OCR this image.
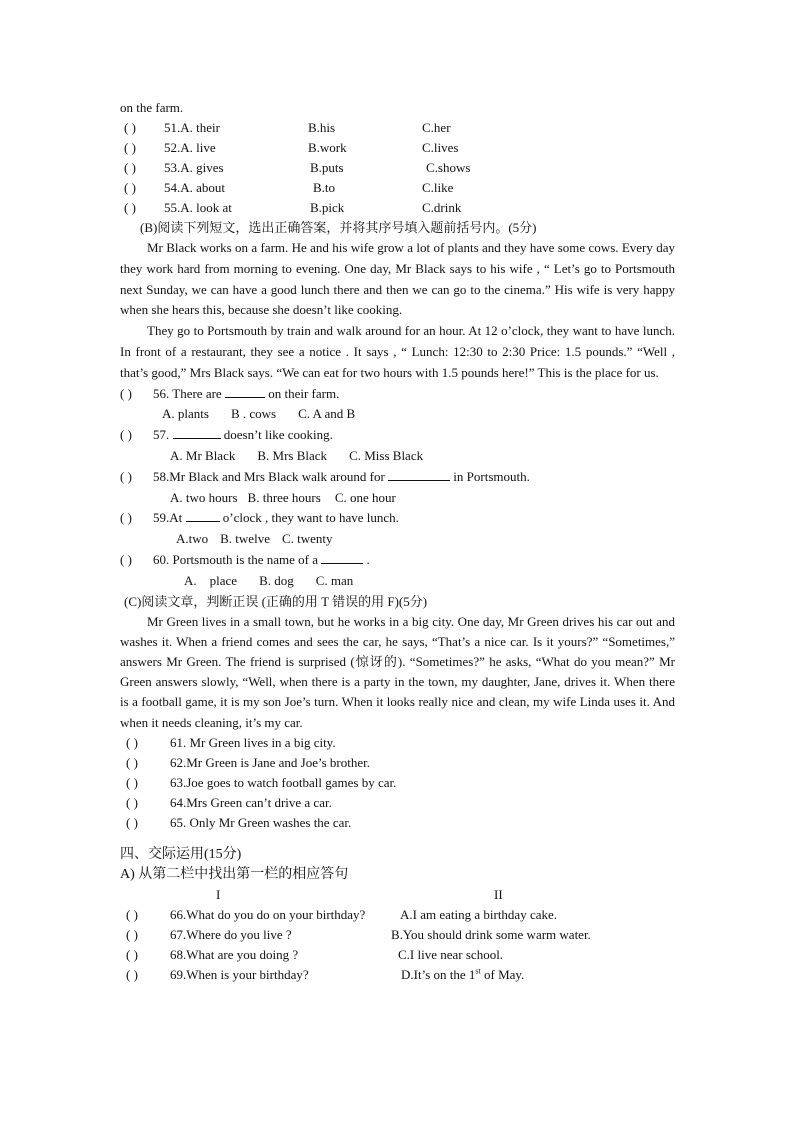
on the farm.
( ) 51.A. their	B.his	C.her
( ) 52.A. live	B.work	C.lives
( ) 53.A. gives	B.puts	C.shows
( ) 54.A. about	B.to	C.like
( ) 55.A. look at	B.pick	C.drink
(B)阅读下列短文，选出正确答案，并将其序号填入题前括号内。(5分)

Mr Black works on a farm. He and his wife grow a lot of plants and they have some cows. Every day they work hard from morning to evening. One day, Mr Black says to his wife , “ Let’s go to Portsmouth next Sunday, we can have a good lunch there and then we can go to the cinema.” His wife is very happy when she hears this, because she doesn’t like cooking.

They go to Portsmouth by train and walk around for an hour. At 12 o’clock, they want to have lunch. In front of a restaurant, they see a notice . It says , “ Lunch: 12:30 to 2:30 Price: 1.5 pounds.” “Well , that’s good,” Mrs Black says. “We can eat for two hours with 1.5 pounds here!” This is the place for us.

( ) 56. There are	on their farm.
A. plants B . cows C. A and B
( ) 57.	doesn’t like cooking.
A. Mr Black B. Mrs Black C. Miss Black
( ) 58.Mr Black and Mrs Black walk around for	in Portsmouth.
A. two hours B. three hours C. one hour
( ) 59.At	o’clock , they want to have lunch.
A.two B. twelve C. twenty
( ) 60. Portsmouth is the name of a	.
A.    place B. dog C. man
(C)阅读文章，判断正误 (正确的用 T 错误的用 F)(5分)

Mr Green lives in a small town, but he works in a big city. One day, Mr Green drives his car out and washes it. When a friend comes and sees the car, he says, “That’s a nice car. Is it yours?” “Sometimes,” answers Mr Green. The friend is surprised (惊讶的). “Sometimes?” he asks, “What do you mean?” Mr Green answers slowly, “Well, when there is a party in the town, my daughter, Jane, drives it. When there is a football game, it is my son Joe’s turn. When it looks really nice and clean, my wife Linda uses it. And when it needs cleaning, it’s my car.

( ) 61. Mr Green lives in a big city.
( ) 62.Mr Green is Jane and Joe’s brother.
( ) 63.Joe goes to watch football games by car.
( ) 64.Mrs Green can’t drive a car.
( ) 65. Only Mr Green washes the car.
四、交际运用(15分)
A) 从第二栏中找出第一栏的相应答句
I	II
( ) 66.What do you do on your birthday?	A.I am eating a birthday cake.
( ) 67.Where do you live ?	B.You should drink some warm water.
( ) 68.What are you doing ?	C.I live near school.
( ) 69.When is your birthday?	D.It’s on the 1st of May.
